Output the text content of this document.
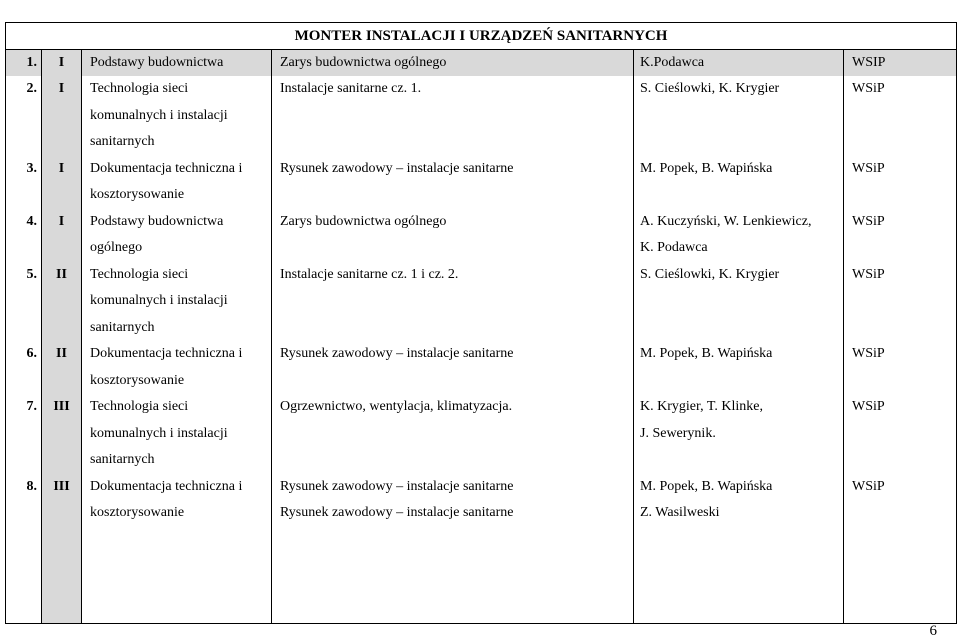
MONTER INSTALACJI I URZĄDZEŃ SANITARNYCH					
1.	I	Podstawy budownictwa	Zarys budownictwa ogólnego	K.Podawca	WSIP
2.	I	Technologia sieci
komunalnych i instalacji
sanitarnych	Instalacje sanitarne cz. 1.	S. Cieślowki, K. Krygier	WSiP
3.	I	Dokumentacja techniczna i
kosztorysowanie	Rysunek zawodowy – instalacje sanitarne	M. Popek, B. Wapińska	WSiP
4.	I	Podstawy budownictwa
ogólnego	Zarys budownictwa ogólnego	A. Kuczyński, W. Lenkiewicz,
K. Podawca	WSiP
5.	II	Technologia sieci
komunalnych i instalacji
sanitarnych	Instalacje sanitarne cz. 1 i cz. 2.	S. Cieślowki, K. Krygier	WSiP
6.	II	Dokumentacja techniczna i
kosztorysowanie	Rysunek zawodowy – instalacje sanitarne	M. Popek, B. Wapińska	WSiP
7.	III	Technologia sieci
komunalnych i instalacji
sanitarnych	Ogrzewnictwo, wentylacja, klimatyzacja.	K. Krygier, T. Klinke,
J. Sewerynik.	WSiP
8.	III	Dokumentacja techniczna i
kosztorysowanie	Rysunek zawodowy – instalacje sanitarne
Rysunek zawodowy – instalacje sanitarne	M. Popek, B. Wapińska
Z. Wasilweski	WSiP

6
